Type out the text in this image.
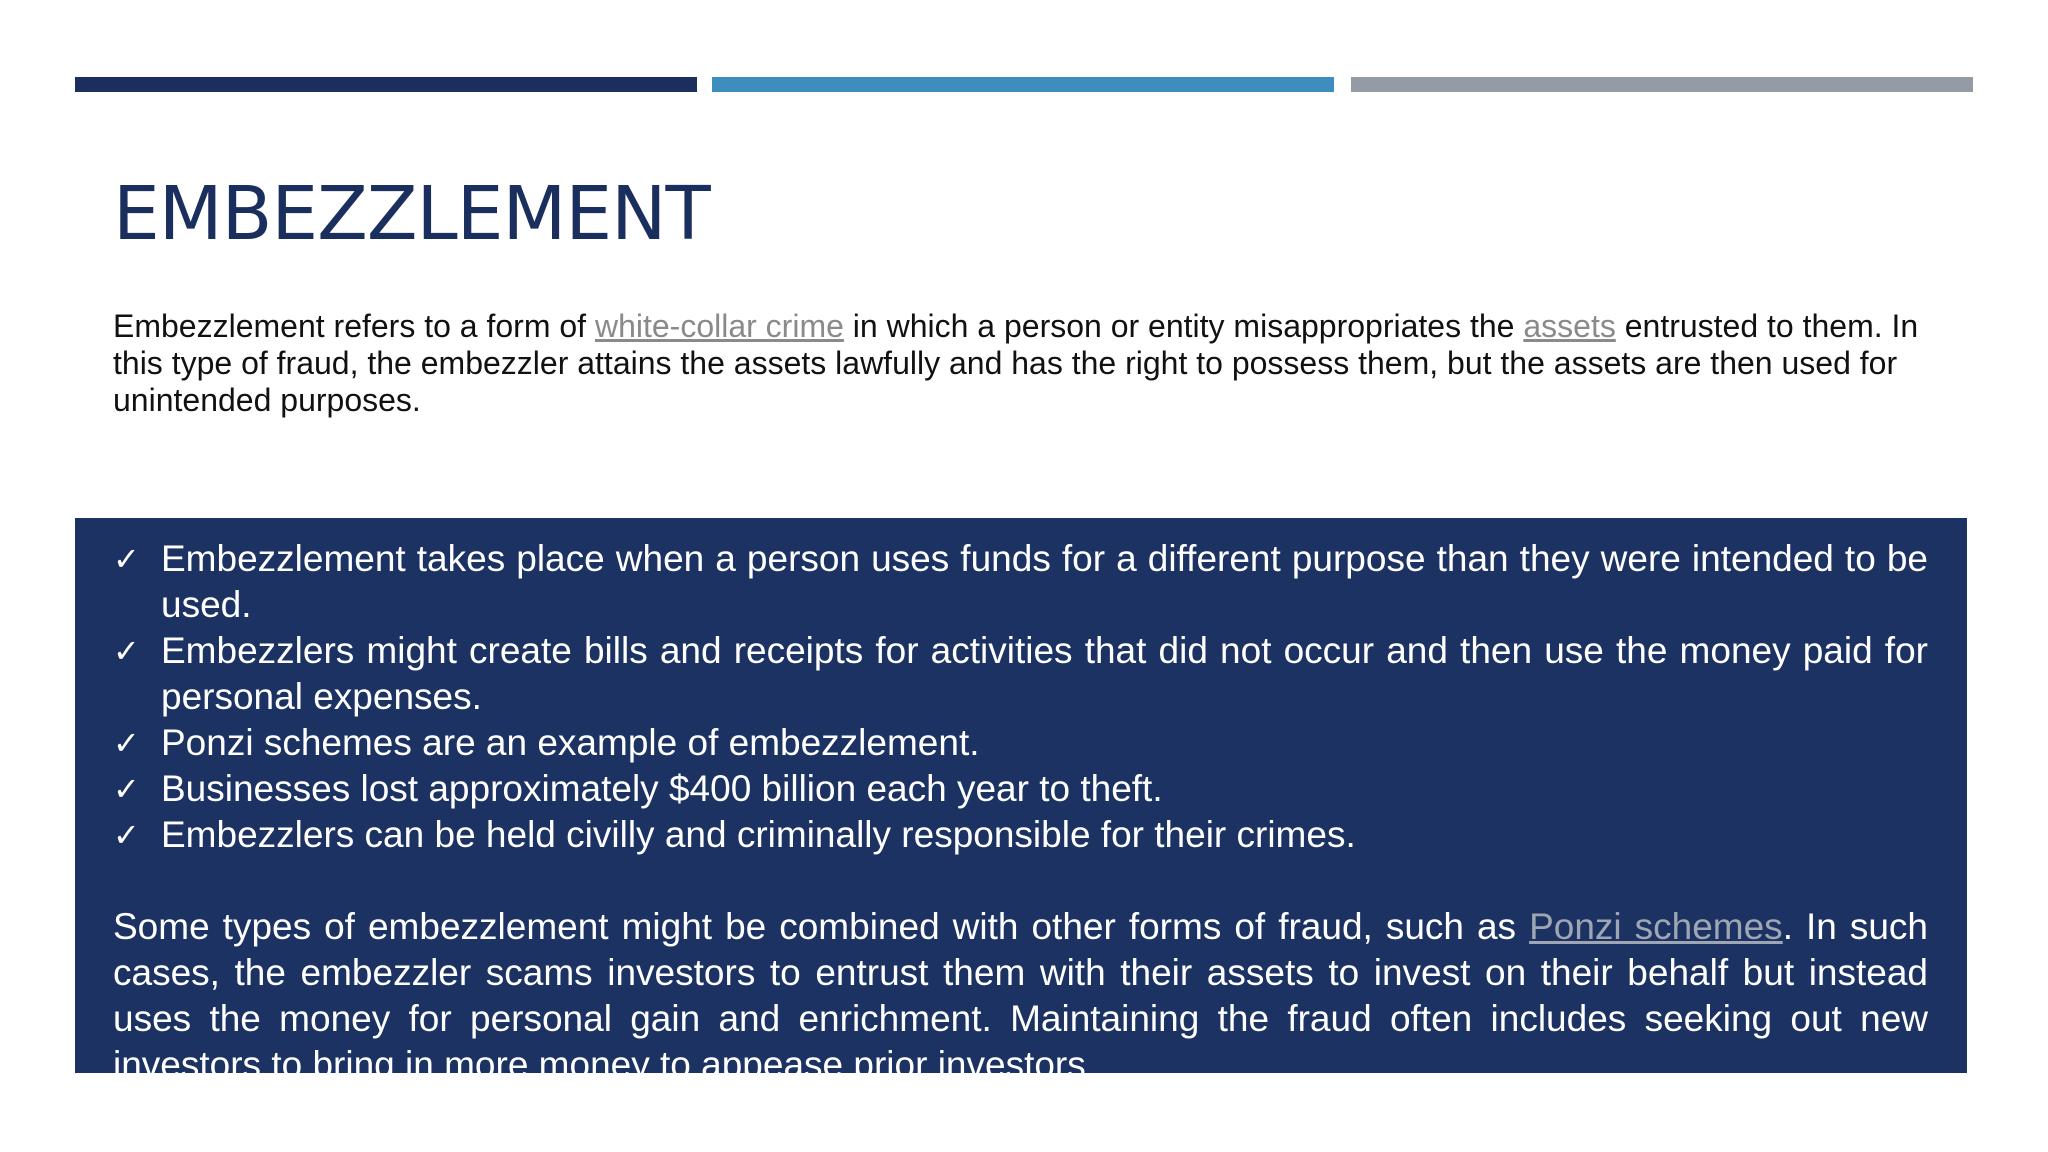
EMBEZZLEMENT

Embezzlement refers to a form of white-collar crime in which a person or entity misappropriates the assets entrusted to them. In this type of fraud, the embezzler attains the assets lawfully and has the right to possess them, but the assets are then used for unintended purposes.

✓ Embezzlement takes place when a person uses funds for a different purpose than they were intended to be used.
✓ Embezzlers might create bills and receipts for activities that did not occur and then use the money paid for     personal expenses.
✓ Ponzi schemes are an example of embezzlement.
✓ Businesses lost approximately $400 billion each year to theft.
✓ Embezzlers can be held civilly and criminally responsible for their crimes.

Some types of embezzlement might be combined with other forms of fraud, such as Ponzi schemes. In such cases, the embezzler scams investors to entrust them with their assets to invest on their behalf but instead uses the money for personal gain and enrichment. Maintaining the fraud often includes seeking out new investors to bring in more money to appease prior investors.
